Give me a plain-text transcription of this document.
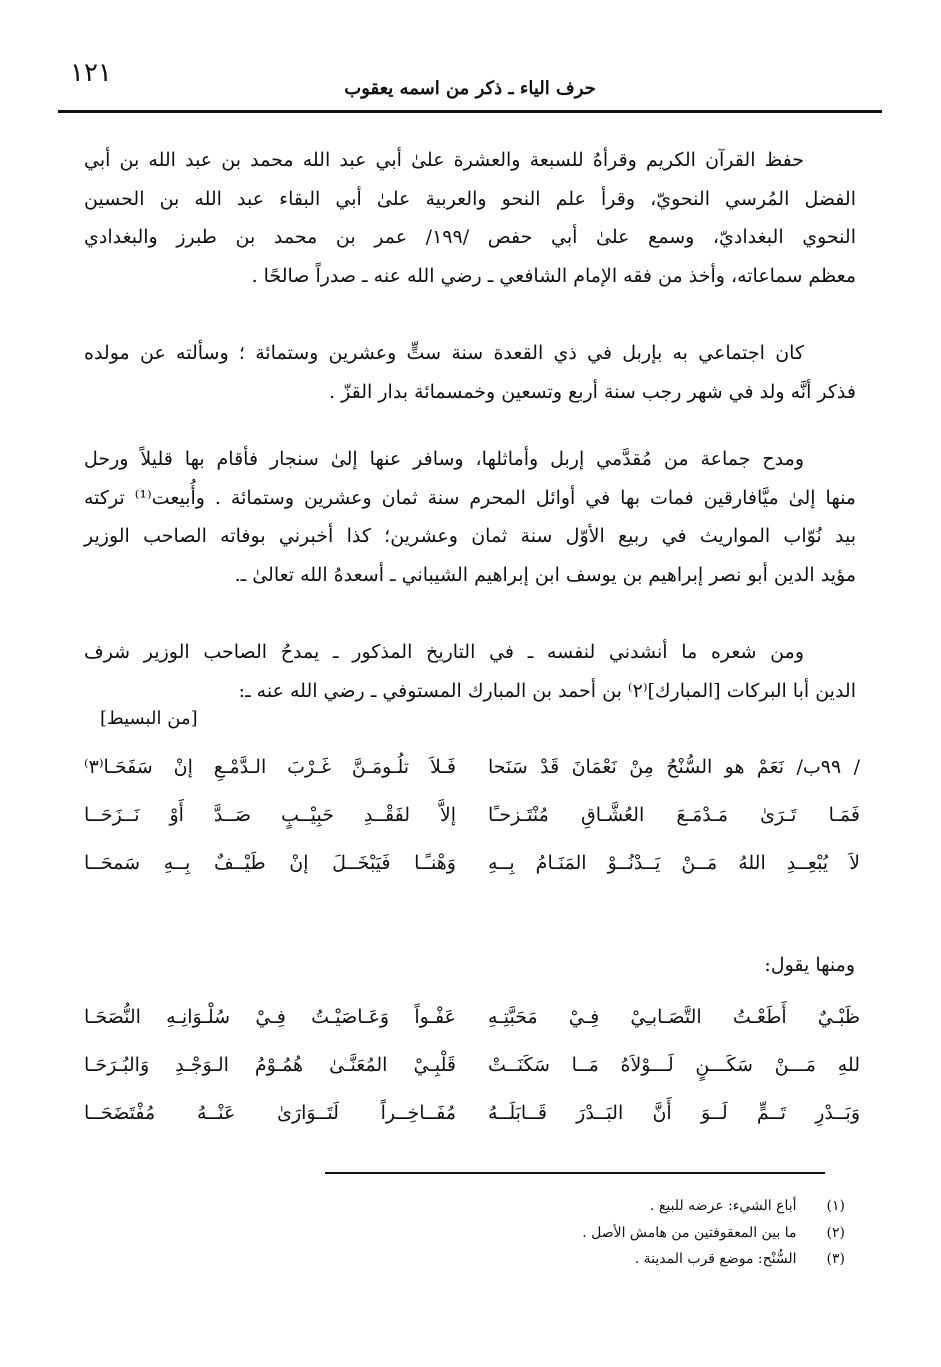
١٢١
حرف الياء ـ ذكر من اسمه يعقوب
حفظ القرآن الكريم وقرأهُ للسبعة والعشرة علىٰ أبي عبد الله محمد بن عبد الله بن أبي
الفضل المُرسي النحويّ، وقرأ علم النحو والعربية علىٰ أبي البقاء عبد الله بن الحسين
النحوي البغداديّ، وسمع علىٰ أبي حفص /١٩٩/ عمر بن محمد بن طبرز والبغدادي
معظم سماعاته، وأخذ من فقه الإمام الشافعي ـ رضي الله عنه ـ صدراً صالحًا .
كان اجتماعي به بإربل في ذي القعدة سنة ستٍّ وعشرين وستمائة ؛ وسألته عن مولده
فذكر أنَّه ولد في شهر رجب سنة أربع وتسعين وخمسمائة بدار القزّ .
ومدح جماعة من مُقدَّمي إربل وأماثلها، وسافر عنها إلىٰ سنجار فأقام بها قليلاً ورحل
منها إلىٰ ميَّافارقين فمات بها في أوائل المحرم سنة ثمان وعشرين وستمائة . وأُبيعت⁽¹⁾ تركته
بيد نُوّاب المواريث في ربيع الأوّل سنة ثمان وعشرين؛ كذا أخبرني بوفاته الصاحب الوزير
مؤيد الدين أبو نصر إبراهيم بن يوسف ابن إبراهيم الشيباني ـ أسعدهُ الله تعالىٰ ـ.
ومن شعره ما أنشدني لنفسه ـ في التاريخ المذكور ـ يمدحُ الصاحب الوزير شرف
الدين أبا البركات [المبارك]⁽٢⁾ بن أحمد بن المبارك المستوفي ـ رضي الله عنه ـ:
[من البسيط]
/ ٩٩ب/ نَعَمْ هو السُّنْحُ مِنْ نَعْمَانَ قَدْ سَنَحا
فَـلاَ تلُـومَـنَّ غَـرْبَ الـدَّمْـعِ إنْ سَفَحَـا⁽٣⁾
فَمَـا تَـرَىٰ مَـدْمَـعَ العُشَّـاقِ مُنْتَـزحـًا
إلاَّ لفَقْــدِ حَبِيْــبٍ صَــدَّ أَوْ نَــزَحَــا
لاَ يُبْعِــدِ اللهُ مَــنْ يَــدْنُــوْ المَنَـامُ بِــهِ
وَهْنـًـا فَيَبْخَــلَ إنْ طَيْــفٌ بِــهِ سَمحَــا
ومنها يقول:
ظَبْـيٌ أَطَعْـتُ التَّصَـابـِيْ فِـيْ مَحَبَّتِـهِ
عَفْـواً وَعَـاصَيْـتُ فِـيْ سُلْـوَانِـهِ النُّصَحَـا
للهِ مَـــنْ سَكَـــنٍ لَـــوْلاَهُ مَــا سَكَنَــتْ
قَلْبِـيْ المُعَنَّـىٰ هُمُـوْمُ الـوَجْـدِ وَالبُـرَحَـا
وَبَــدْرِ تَــمٍّ لَــوَ أَنَّ البَــدْرَ قَــابَلَــهُ
مُفَــاخِــراً لَتَــوَارَىٰ عَنْــهُ مُفْتَضَحَــا
(١) أباع الشيء: عرضه للبيع .
(٢) ما بين المعقوفتين من هامش الأصل .
(٣) السُّنْح: موضع قرب المدينة .
